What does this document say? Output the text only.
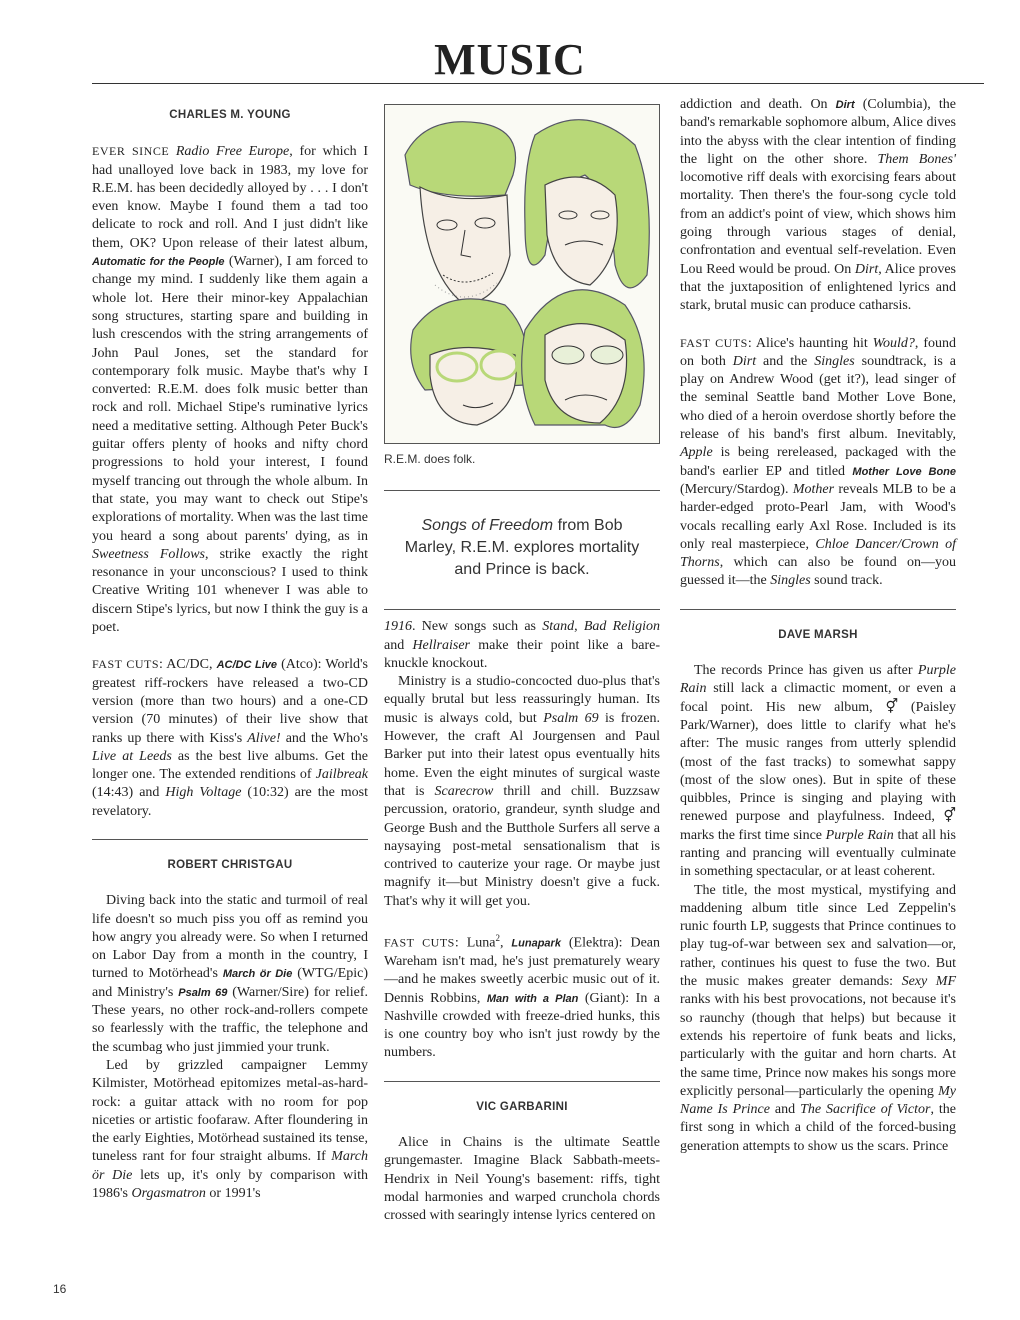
MUSIC
CHARLES M. YOUNG

EVER SINCE Radio Free Europe, for which I had unalloyed love back in 1983, my love for R.E.M. has been decidedly alloyed by . . . I don't even know. Maybe I found them a tad too delicate to rock and roll. And I just didn't like them, OK? Upon release of their latest album, Automatic for the People (Warner), I am forced to change my mind. I suddenly like them again a whole lot. Here their minor-key Appalachian song structures, starting spare and building in lush crescendos with the string arrangements of John Paul Jones, set the standard for contemporary folk music. Maybe that's why I converted: R.E.M. does folk music better than rock and roll. Michael Stipe's ruminative lyrics need a meditative setting. Although Peter Buck's guitar offers plenty of hooks and nifty chord progressions to hold your interest, I found myself trancing out through the whole album. In that state, you may want to check out Stipe's explorations of mortality. When was the last time you heard a song about parents' dying, as in Sweetness Follows, strike exactly the right resonance in your unconscious? I used to think Creative Writing 101 whenever I was able to discern Stipe's lyrics, but now I think the guy is a poet.

FAST CUTS: AC/DC, AC/DC Live (Atco): World's greatest riff-rockers have released a two-CD version (more than two hours) and a one-CD version (70 minutes) of their live show that ranks up there with Kiss's Alive! and the Who's Live at Leeds as the best live albums. Get the longer one. The extended renditions of Jailbreak (14:43) and High Voltage (10:32) are the most revelatory.

ROBERT CHRISTGAU

Diving back into the static and turmoil of real life doesn't so much piss you off as remind you how angry you already were. So when I returned on Labor Day from a month in the country, I turned to Motörhead's March ör Die (WTG/Epic) and Ministry's Psalm 69 (Warner/Sire) for relief. These years, no other rock-and-rollers compete so fearlessly with the traffic, the telephone and the scumbag who just jimmied your trunk.

Led by grizzled campaigner Lemmy Kilmister, Motörhead epitomizes metal-as-hard-rock: a guitar attack with no room for pop niceties or artistic foofaraw. After floundering in the early Eighties, Motörhead sustained its tense, tuneless rant for four straight albums. If March ör Die lets up, it's only by comparison with 1986's Orgasmatron or 1991's

R.E.M. does folk.
Songs of Freedom from Bob Marley, R.E.M. explores mortality and Prince is back.

1916. New songs such as Stand, Bad Religion and Hellraiser make their point like a bare-knuckle knockout.

Ministry is a studio-concocted duo-plus that's equally brutal but less reassuringly human. Its music is always cold, but Psalm 69 is frozen. However, the craft Al Jourgensen and Paul Barker put into their latest opus eventually hits home. Even the eight minutes of surgical waste that is Scarecrow thrill and chill. Buzzsaw percussion, oratorio, grandeur, synth sludge and George Bush and the Butthole Surfers all serve a naysaying post-metal sensationalism that is contrived to cauterize your rage. Or maybe just magnify it—but Ministry doesn't give a fuck. That's why it will get you.

FAST CUTS: Luna$^2$, Lunapark (Elektra): Dean Wareham isn't mad, he's just prematurely weary—and he makes sweetly acerbic music out of it. Dennis Robbins, Man with a Plan (Giant): In a Nashville crowded with freeze-dried hunks, this is one country boy who isn't just rowdy by the numbers.

VIC GARBARINI

Alice in Chains is the ultimate Seattle grungemaster. Imagine Black Sabbath-meets-Hendrix in Neil Young's basement: riffs, tight modal harmonies and warped crunchola chords crossed with searingly intense lyrics centered on

addiction and death. On Dirt (Columbia), the band's remarkable sophomore album, Alice dives into the abyss with the clear intention of finding the light on the other shore. Them Bones' locomotive riff deals with exorcising fears about mortality. Then there's the four-song cycle told from an addict's point of view, which shows him going through various stages of denial, confrontation and eventual self-revelation. Even Lou Reed would be proud. On Dirt, Alice proves that the juxtaposition of enlightened lyrics and stark, brutal music can produce catharsis.

FAST CUTS: Alice's haunting hit Would?, found on both Dirt and the Singles soundtrack, is a play on Andrew Wood (get it?), lead singer of the seminal Seattle band Mother Love Bone, who died of a heroin overdose shortly before the release of his band's first album. Inevitably, Apple is being rereleased, packaged with the band's earlier EP and titled Mother Love Bone (Mercury/Stardog). Mother reveals MLB to be a harder-edged proto-Pearl Jam, with Wood's vocals recalling early Axl Rose. Included is its only real masterpiece, Chloe Dancer/Crown of Thorns, which can also be found on—you guessed it—the Singles sound track.

DAVE MARSH

The records Prince has given us after Purple Rain still lack a climactic moment, or even a focal point. His new album, ⚥ (Paisley Park/Warner), does little to clarify what he's after: The music ranges from utterly splendid (most of the fast tracks) to somewhat sappy (most of the slow ones). But in spite of these quibbles, Prince is singing and playing with renewed purpose and playfulness. Indeed, ⚥ marks the first time since Purple Rain that all his ranting and prancing will eventually culminate in something spectacular, or at least coherent.

The title, the most mystical, mystifying and maddening album title since Led Zeppelin's runic fourth LP, suggests that Prince continues to play tug-of-war between sex and salvation—or, rather, continues his quest to fuse the two. But the music makes greater demands: Sexy MF ranks with his best provocations, not because it's so raunchy (though that helps) but because it extends his repertoire of funk beats and licks, particularly with the guitar and horn charts. At the same time, Prince now makes his songs more explicitly personal—particularly the opening My Name Is Prince and The Sacrifice of Victor, the first song in which a child of the forced-busing generation attempts to show us the scars. Prince

16
